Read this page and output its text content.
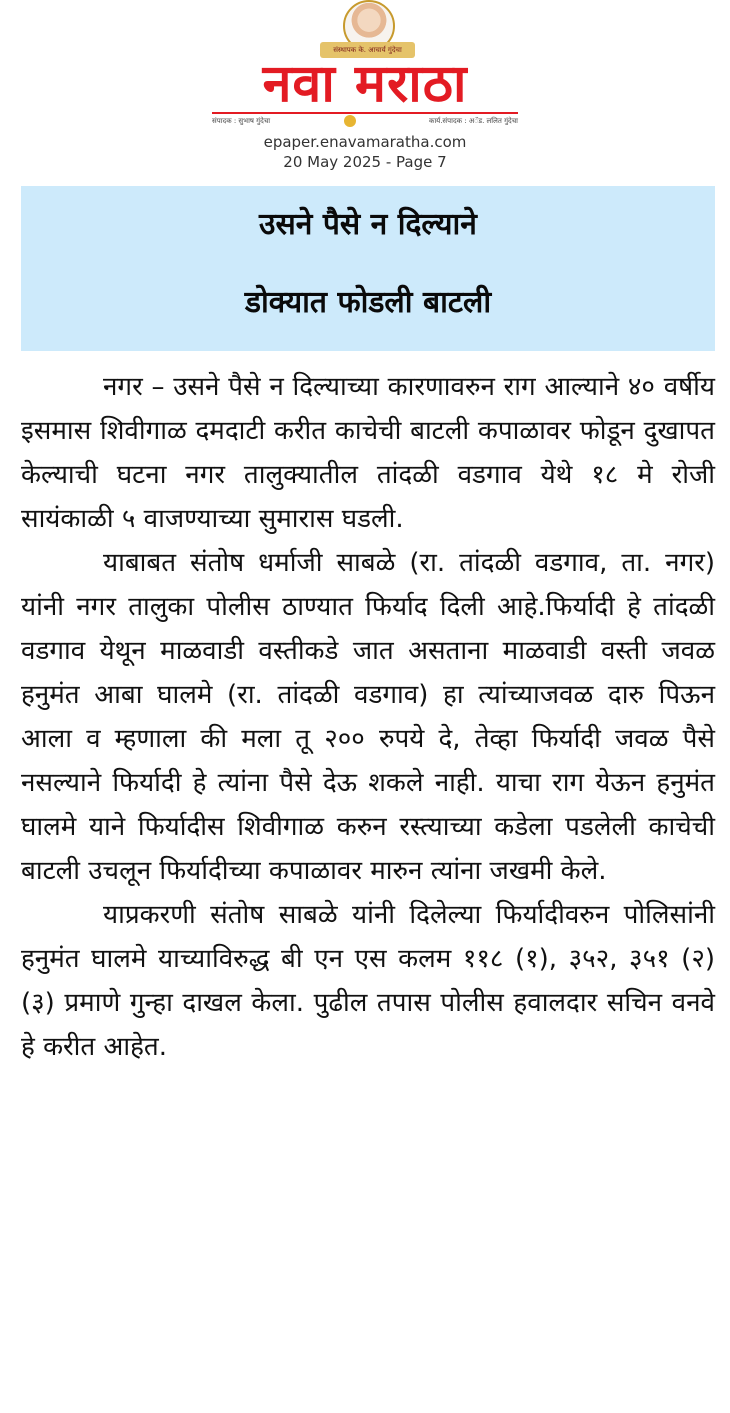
संस्थापक के. आचार्य गुंदेचा
नवा मराठा
संपादक : सुभाष गुंदेचा	कार्य.संपादक : अॅड. ललित गुंदेचा
epaper.enavamaratha.com
20 May 2025 - Page 7
उसने पैसे न दिल्याने
डोक्यात फोडली बाटली

नगर – उसने पैसे न दिल्याच्या कारणावरुन राग आल्याने ४० वर्षीय इसमास शिवीगाळ दमदाटी करीत काचेची बाटली कपाळावर फोडून दुखापत केल्याची घटना नगर तालुक्यातील तांदळी वडगाव येथे १८ मे रोजी सायंकाळी ५ वाजण्याच्या सुमारास घडली.

याबाबत संतोष धर्माजी साबळे (रा. तांदळी वडगाव, ता. नगर) यांनी नगर तालुका पोलीस ठाण्यात फिर्याद दिली आहे.फिर्यादी हे तांदळी वडगाव येथून माळवाडी वस्तीकडे जात असताना माळवाडी वस्ती जवळ हनुमंत आबा घालमे (रा. तांदळी वडगाव) हा त्यांच्याजवळ दारु पिऊन आला व म्हणाला की मला तू २०० रुपये दे, तेव्हा फिर्यादी जवळ पैसे नसल्याने फिर्यादी हे त्यांना पैसे देऊ शकले नाही. याचा राग येऊन हनुमंत घालमे याने फिर्यादीस शिवीगाळ करुन रस्त्याच्या कडेला पडलेली काचेची बाटली उचलून फिर्यादीच्या कपाळावर मारुन त्यांना जखमी केले.

याप्रकरणी संतोष साबळे यांनी दिलेल्या फिर्यादीवरुन पोलिसांनी हनुमंत घालमे याच्याविरुद्ध बी एन एस कलम ११८ (१), ३५२, ३५१ (२) (३) प्रमाणे गुन्हा दाखल केला. पुढील तपास पोलीस हवालदार सचिन वनवे हे करीत आहेत.
